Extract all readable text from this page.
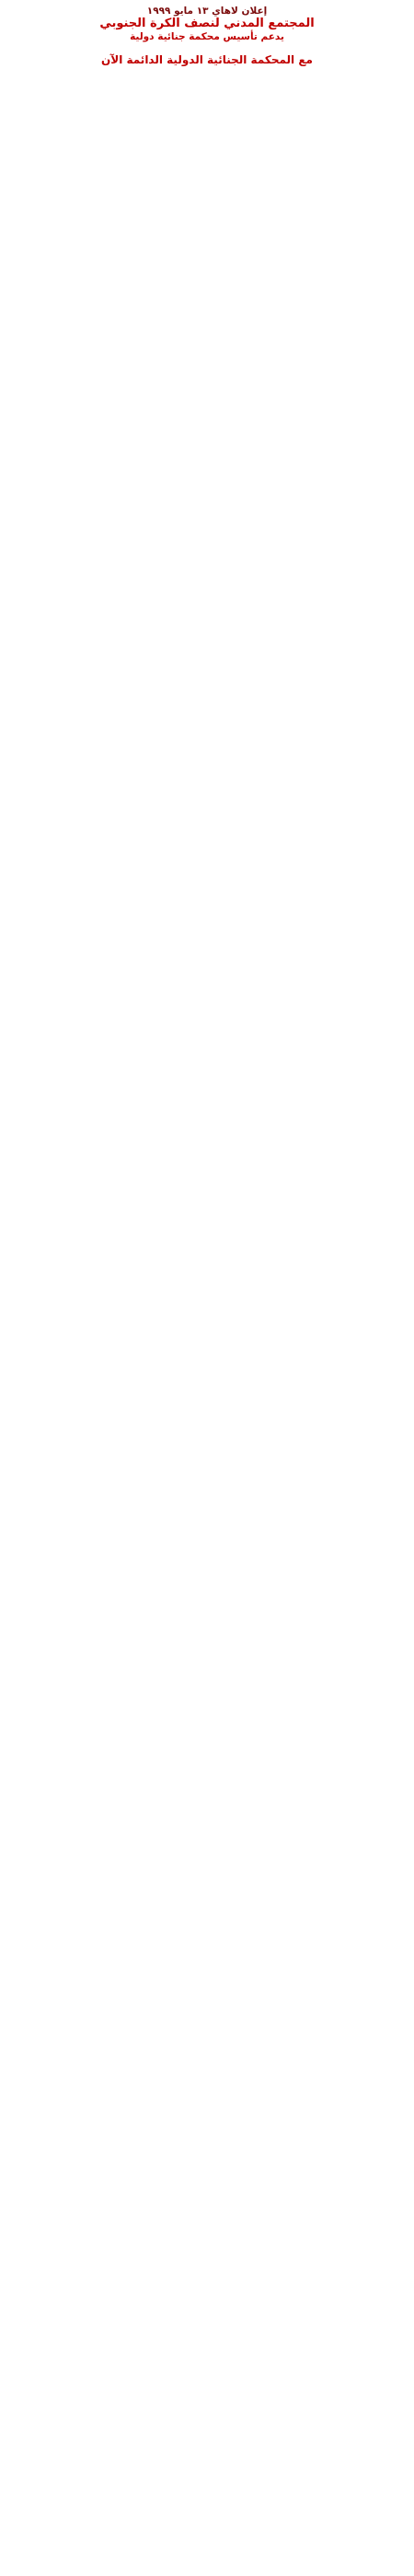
إعلان لاهاي ١٣ مايو ١٩٩٩

المجتمع المدني لنصف الكرة الجنوبي

يدعم تأسيس محكمة جنائية دولية

مع المحكمة الجنائية الدولية الدائمة الآن
